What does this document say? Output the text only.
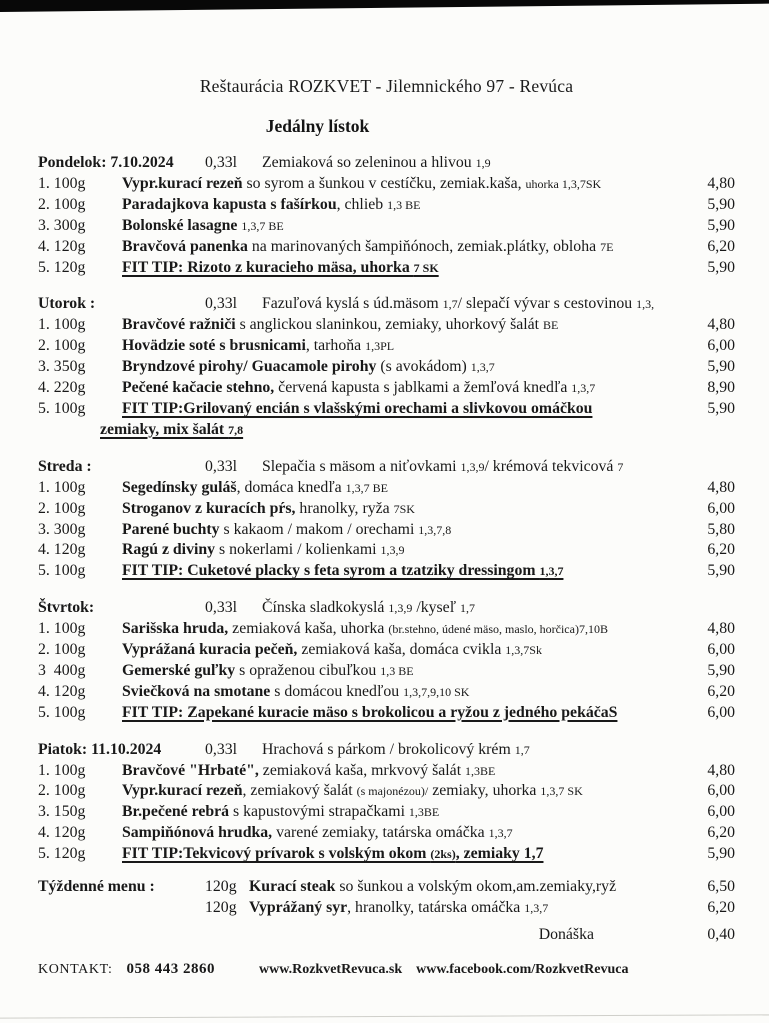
Reštaurácia ROZKVET - Jilemnického 97 - Revúca
Jedálny lístok
Pondelok: 7.10.2024	0,33l	Zemiaková so zeleninou a hlivou 1,9
1. 100g	Vypr.kurací rezeň so syrom a šunkou v cestíčku, zemiak.kaša, uhorka 1,3,7SK	4,80
2. 100g	Paradajkova kapusta s fašírkou, chlieb 1,3 BE	5,90
3. 300g	Bolonské lasagne 1,3,7 BE	5,90
4. 120g	Bravčová panenka na marinovaných šampiňónoch, zemiak.plátky, obloha 7E	6,20
5. 120g	FIT TIP: Rizoto z kuracieho mäsa, uhorka 7 SK	5,90
Utorok :	0,33l	Fazuľová kyslá s úd.mäsom 1,7/ slepačí vývar s cestovinou 1,3,
1. 100g	Bravčové ražniči s anglickou slaninkou, zemiaky, uhorkový šalát BE	4,80
2. 100g	Hovädzie soté s brusnicami, tarhoňa 1,3PL	6,00
3. 350g	Bryndzové pirohy/ Guacamole pirohy (s avokádom) 1,3,7	5,90
4. 220g	Pečené kačacie stehno, červená kapusta s jablkami a žemľová knedľa 1,3,7	8,90
5. 100g	FIT TIP:Grilovaný encián s vlašskými orechami a slivkovou omáčkou	5,90
zemiaky, mix šalát 7,8
Streda :	0,33l	Slepačia s mäsom a niťovkami 1,3,9/ krémová tekvicová 7
1. 100g	Segedínsky guláš, domáca knedľa 1,3,7 BE	4,80
2. 100g	Stroganov z kuracích pŕs, hranolky, ryža 7SK	6,00
3. 300g	Parené buchty s kakaom / makom / orechami 1,3,7,8	5,80
4. 120g	Ragú z diviny s nokerlami / kolienkami 1,3,9	6,20
5. 100g	FIT TIP: Cuketové placky s feta syrom a tzatziky dressingom 1,3,7	5,90
Štvrtok:	0,33l	Čínska sladkokyslá 1,3,9 /kyseľ 1,7
1. 100g	Sarišska hruda, zemiaková kaša, uhorka (br.stehno, údené mäso, maslo, horčica)7,10B	4,80
2. 100g	Vyprážaná kuracia pečeň, zemiaková kaša, domáca cvikla 1,3,7Sk	6,00
3  400g	Gemerské guľky s opraženou cibuľkou 1,3 BE	5,90
4. 120g	Sviečková na smotane s domácou knedľou 1,3,7,9,10 SK	6,20
5. 100g	FIT TIP: Zapekané kuracie mäso s brokolicou a ryžou z jedného pekáčaS	6,00
Piatok: 11.10.2024	0,33l	Hrachová s párkom / brokolicový krém 1,7
1. 100g	Bravčové "Hrbaté", zemiaková kaša, mrkvový šalát 1,3BE	4,80
2. 100g	Vypr.kurací rezeň, zemiakový šalát (s majonézou)/ zemiaky, uhorka 1,3,7 SK	6,00
3. 150g	Br.pečené rebrá s kapustovými strapačkami 1,3BE	6,00
4. 120g	Sampiňónová hrudka, varené zemiaky, tatárska omáčka 1,3,7	6,20
5. 120g	FIT TIP:Tekvicový prívarok s volským okom (2ks), zemiaky 1,7	5,90
Týždenné menu :	120g Kurací steak so šunkou a volským okom,am.zemiaky,ryž	6,50
120g Vyprážaný syr, hranolky, tatárska omáčka 1,3,7	6,20
Donáška	0,40
KONTAKT: 058 443 2860	www.RozkvetRevuca.sk www.facebook.com/RozkvetRevuca
